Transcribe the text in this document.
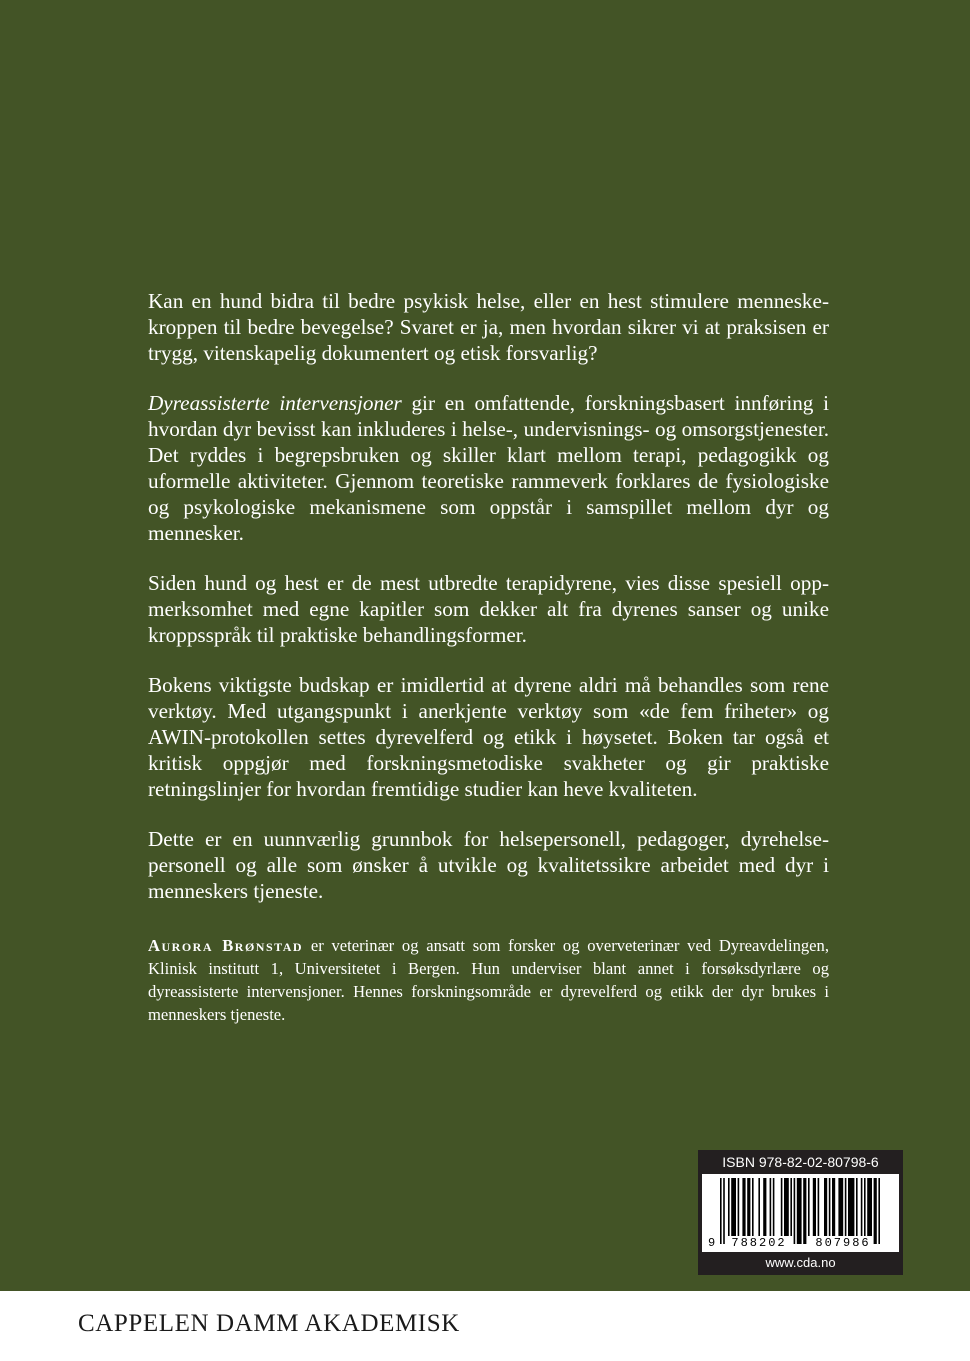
Kan en hund bidra til bedre psykisk helse, eller en hest stimulere menneskekroppen til bedre bevegelse? Svaret er ja, men hvordan sikrer vi at praksisen er trygg, vitenskapelig dokumentert og etisk forsvarlig?

Dyreassisterte intervensjoner gir en omfattende, forskningsbasert innføring i hvordan dyr bevisst kan inkluderes i helse-, undervisnings- og omsorgstjenester. Det ryddes i begrepsbruken og skiller klart mellom terapi, pedagogikk og uformelle aktiviteter. Gjennom teoretiske rammeverk forklares de fysiologiske og psykologiske mekanismene som oppstår i samspillet mellom dyr og mennesker.

Siden hund og hest er de mest utbredte terapidyrene, vies disse spesiell oppmerksomhet med egne kapitler som dekker alt fra dyrenes sanser og unike kroppsspråk til praktiske behandlingsformer.

Bokens viktigste budskap er imidlertid at dyrene aldri må behandles som rene verktøy. Med utgangspunkt i anerkjente verktøy som «de fem friheter» og AWIN-protokollen settes dyrevelferd og etikk i høysetet. Boken tar også et kritisk oppgjør med forskningsmetodiske svakheter og gir praktiske retningslinjer for hvordan fremtidige studier kan heve kvaliteten.

Dette er en uunnværlig grunnbok for helsepersonell, pedagoger, dyrehelsepersonell og alle som ønsker å utvikle og kvalitetssikre arbeidet med dyr i menneskers tjeneste.

Aurora Brønstad er veterinær og ansatt som forsker og overveterinær ved Dyreavdelingen, Klinisk institutt 1, Universitetet i Bergen. Hun underviser blant annet i forsøksdyrlære og dyreassisterte intervensjoner. Hennes forskningsområde er dyrevelferd og etikk der dyr brukes i menneskers tjeneste.
ISBN 978-82-02-80798-6
9 788202 807986
www.cda.no
CAPPELEN DAMM AKADEMISK
